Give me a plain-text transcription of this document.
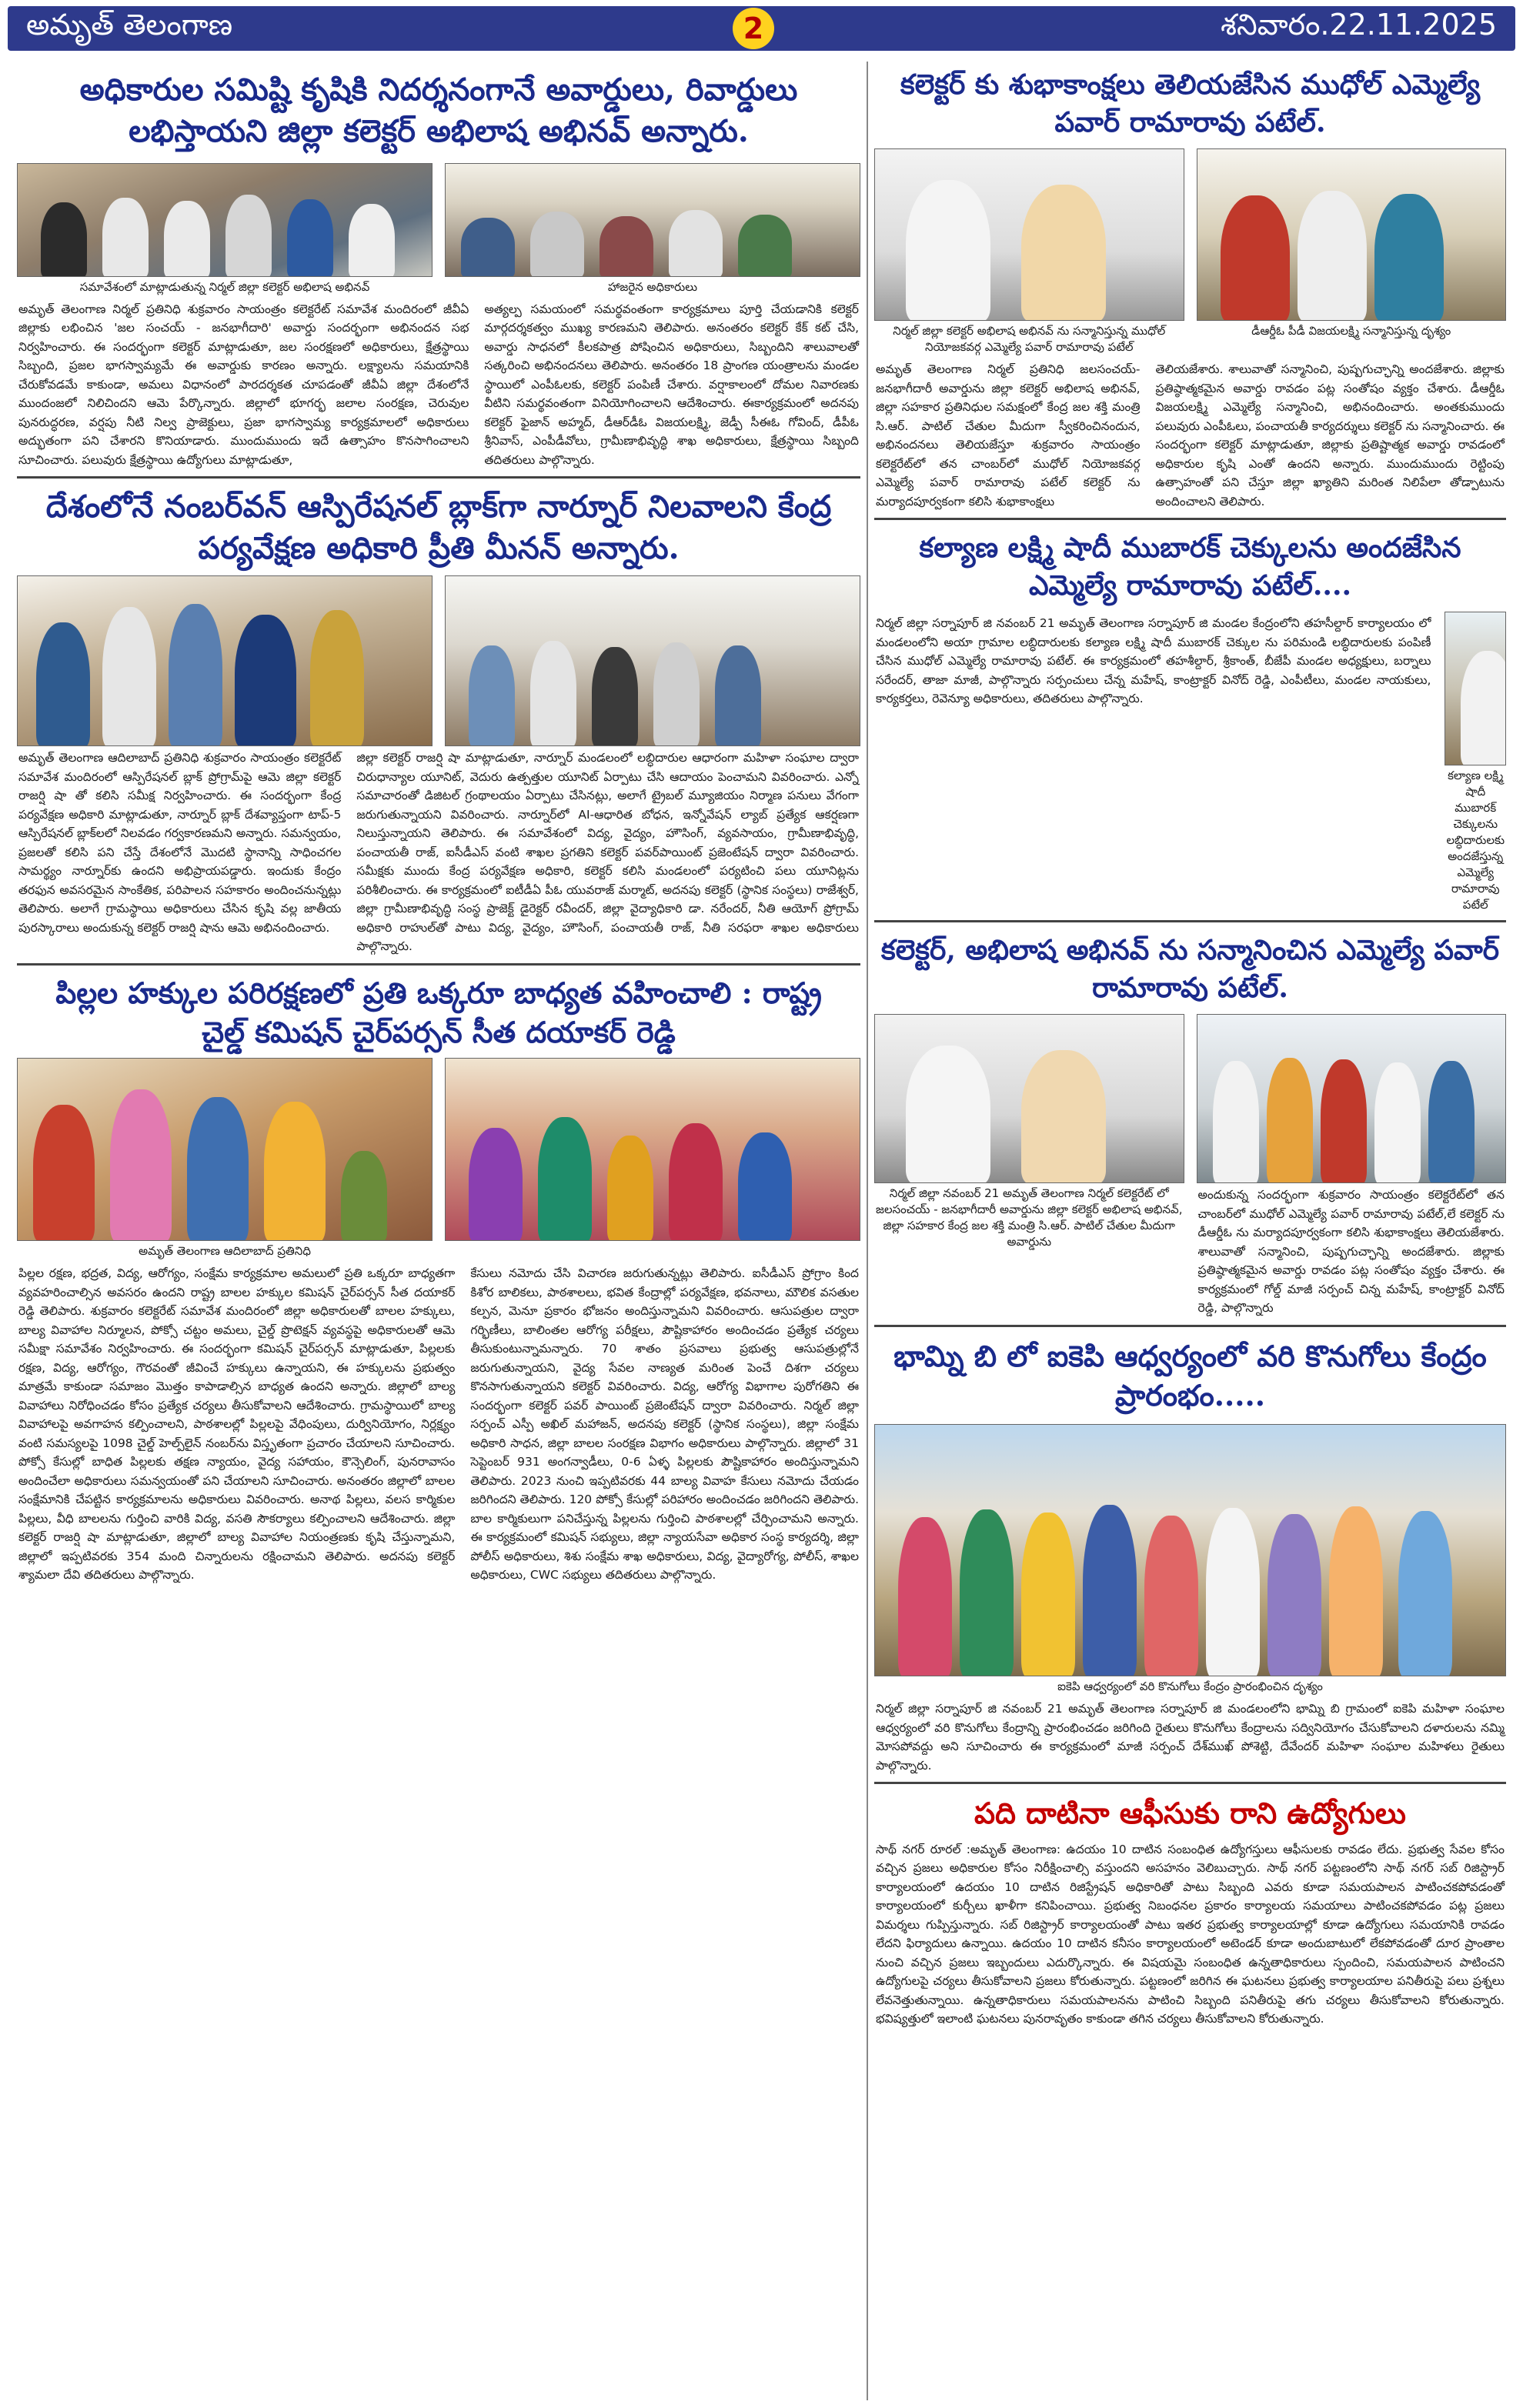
అమృత్ తెలంగాణ	2	శనివారం.22.11.2025
అధికారుల సమిష్టి కృషికి నిదర్శనంగానే అవార్డులు, రివార్డులు లభిస్తాయని జిల్లా కలెక్టర్ అభిలాష అభినవ్ అన్నారు.

సమావేశంలో మాట్లాడుతున్న నిర్మల్ జిల్లా కలెక్టర్ అభిలాష అభినవ్	హాజరైన అధికారులు

అమృత్ తెలంగాణ నిర్మల్ ప్రతినిధి శుక్రవారం సాయంత్రం కలెక్టరేట్ సమావేశ మందిరంలో జీవీఏ జిల్లాకు లభించిన 'జల సంచయ్ - జనభాగీదారి' అవార్డు సందర్భంగా అభినందన సభ నిర్వహించారు. ఈ సందర్భంగా కలెక్టర్ మాట్లాడుతూ, జల సంరక్షణలో అధికారులు, క్షేత్రస్థాయి సిబ్బంది, ప్రజల భాగస్వామ్యమే ఈ అవార్డుకు కారణం అన్నారు. లక్ష్యాలను సమయానికి చేరుకోవడమే కాకుండా, అమలు విధానంలో పారదర్శకత చూపడంతో జీవీఏ జిల్లా దేశంలోనే ముందంజలో నిలిచిందని ఆమె పేర్కొన్నారు. జిల్లాలో భూగర్భ జలాల సంరక్షణ, చెరువుల పునరుద్ధరణ, వర్షపు నీటి నిల్వ ప్రాజెక్టులు, ప్రజా భాగస్వామ్య కార్యక్రమాలలో అధికారులు అద్భుతంగా పని చేశారని కొనియాడారు. ముందుముందు ఇదే ఉత్సాహం కొనసాగించాలని సూచించారు. పలువురు క్షేత్రస్థాయి ఉద్యోగులు మాట్లాడుతూ,

అత్యల్ప సమయంలో సమర్థవంతంగా కార్యక్రమాలు పూర్తి చేయడానికి కలెక్టర్ మార్గదర్శకత్వం ముఖ్య కారణమని తెలిపారు. అనంతరం కలెక్టర్ కేక్ కట్ చేసి, అవార్డు సాధనలో కీలకపాత్ర పోషించిన అధికారులు, సిబ్బందిని శాలువాలతో సత్కరించి అభినందనలు తెలిపారు. అనంతరం 18 ప్రాంగణ యంత్రాలను మండల స్థాయిలో ఎంపీఓలకు, కలెక్టర్ పంపిణీ చేశారు. వర్షాకాలంలో దోమల నివారణకు వీటిని సమర్థవంతంగా వినియోగించాలని ఆదేశించారు. ఈకార్యక్రమంలో అదనపు కలెక్టర్ ఫైజాన్ అహ్మద్, డీఆర్‌డీఓ విజయలక్ష్మి, జెడ్పీ సీఈఓ గోవింద్, డీపీఓ శ్రీనివాస్, ఎంపీడీవోలు, గ్రామీణాభివృద్ధి శాఖ అధికారులు, క్షేత్రస్థాయి సిబ్బంది తదితరులు పాల్గొన్నారు.

దేశంలోనే నంబర్‌వన్ ఆస్పిరేషనల్ బ్లాక్‌గా నార్నూర్ నిలవాలని కేంద్ర పర్యవేక్షణ అధికారి ప్రీతి మీనన్ అన్నారు.

అమృత్ తెలంగాణ ఆదిలాబాద్ ప్రతినిధి శుక్రవారం సాయంత్రం కలెక్టరేట్ సమావేశ మందిరంలో ఆస్పిరేషనల్ బ్లాక్ ప్రోగ్రామ్‌పై ఆమె జిల్లా కలెక్టర్ రాజర్షి షా తో కలిసి సమీక్ష నిర్వహించారు. ఈ సందర్భంగా కేంద్ర పర్యవేక్షణ అధికారి మాట్లాడుతూ, నార్నూర్ బ్లాక్ దేశవ్యాప్తంగా టాప్-5 ఆస్పిరేషనల్ బ్లాక్‌లలో నిలవడం గర్వకారణమని అన్నారు. సమన్వయం, ప్రజలతో కలిసి పని చేస్తే దేశంలోనే మొదటి స్థానాన్ని సాధించగల సామర్థ్యం నార్నూర్‌కు ఉందని అభిప్రాయపడ్డారు. ఇందుకు కేంద్రం తరఫున అవసరమైన సాంకేతిక, పరిపాలన సహకారం అందించనున్నట్లు తెలిపారు. అలాగే గ్రామస్థాయి అధికారులు చేసిన కృషి వల్ల జాతీయ పురస్కారాలు అందుకున్న కలెక్టర్ రాజర్షి షాను ఆమె అభినందించారు.

జిల్లా కలెక్టర్ రాజర్షి షా మాట్లాడుతూ, నార్నూర్ మండలంలో లబ్ధిదారుల ఆధారంగా మహిళా సంఘాల ద్వారా చిరుధాన్యాల యూనిట్, వెదురు ఉత్పత్తుల యూనిట్ ఏర్పాటు చేసి ఆదాయం పెంచామని వివరించారు. ఎన్నో సమాచారంతో డిజిటల్ గ్రంథాలయం ఏర్పాటు చేసినట్లు, అలాగే ట్రైబల్ మ్యూజియం నిర్మాణ పనులు వేగంగా జరుగుతున్నాయని వివరించారు. నార్నూర్‌లో AI-ఆధారిత బోధన, ఇన్నోవేషన్ ల్యాబ్ ప్రత్యేక ఆకర్షణగా నిలుస్తున్నాయని తెలిపారు. ఈ సమావేశంలో విద్య, వైద్యం, హౌసింగ్, వ్యవసాయం, గ్రామీణాభివృద్ధి, పంచాయతీ రాజ్, ఐసీడీఎస్ వంటి శాఖల ప్రగతిని కలెక్టర్ పవర్‌పాయింట్ ప్రజెంటేషన్ ద్వారా వివరించారు. సమీక్షకు ముందు కేంద్ర పర్యవేక్షణ అధికారి, కలెక్టర్ కలిసి మండలంలో పర్యటించి పలు యూనిట్లను పరిశీలించారు. ఈ కార్యక్రమంలో ఐటీడీఏ పీఓ యువరాజ్ మర్మాట్, అదనపు కలెక్టర్ (స్థానిక సంస్థలు) రాజేశ్వర్, జిల్లా గ్రామీణాభివృద్ధి సంస్థ ప్రాజెక్ట్ డైరెక్టర్ రవీందర్, జిల్లా వైద్యాధికారి డా. నరేందర్, నీతి ఆయోగ్ ప్రోగ్రామ్ అధికారి రాహుల్‌తో పాటు విద్య, వైద్యం, హౌసింగ్, పంచాయతీ రాజ్, నీతి సరఫరా శాఖల అధికారులు పాల్గొన్నారు.

పిల్లల హక్కుల పరిరక్షణలో ప్రతి ఒక్కరూ బాధ్యత వహించాలి : రాష్ట్ర చైల్డ్ కమిషన్ చైర్‌పర్సన్ సీత దయాకర్ రెడ్డి

అమృత్ తెలంగాణ ఆదిలాబాద్ ప్రతినిధి

పిల్లల రక్షణ, భద్రత, విద్య, ఆరోగ్యం, సంక్షేమ కార్యక్రమాల అమలులో ప్రతి ఒక్కరూ బాధ్యతగా వ్యవహరించాల్సిన అవసరం ఉందని రాష్ట్ర బాలల హక్కుల కమిషన్ చైర్‌పర్సన్ సీత దయాకర్ రెడ్డి తెలిపారు. శుక్రవారం కలెక్టరేట్ సమావేశ మందిరంలో జిల్లా అధికారులతో బాలల హక్కులు, బాల్య వివాహాల నిర్మూలన, పోక్సో చట్టం అమలు, చైల్డ్ ప్రొటెక్షన్ వ్యవస్థపై అధికారులతో ఆమె సమీక్షా సమావేశం నిర్వహించారు. ఈ సందర్భంగా కమిషన్ చైర్‌పర్సన్ మాట్లాడుతూ, పిల్లలకు రక్షణ, విద్య, ఆరోగ్యం, గౌరవంతో జీవించే హక్కులు ఉన్నాయని, ఈ హక్కులను ప్రభుత్వం మాత్రమే కాకుండా సమాజం మొత్తం కాపాడాల్సిన బాధ్యత ఉందని అన్నారు. జిల్లాలో బాల్య వివాహాలు నిరోధించడం కోసం ప్రత్యేక చర్యలు తీసుకోవాలని ఆదేశించారు. గ్రామస్థాయిలో బాల్య వివాహాలపై అవగాహన కల్పించాలని, పాఠశాలల్లో పిల్లలపై వేధింపులు, దుర్వినియోగం, నిర్లక్ష్యం వంటి సమస్యలపై 1098 చైల్డ్ హెల్ప్‌లైన్ నంబర్‌ను విస్తృతంగా ప్రచారం చేయాలని సూచించారు. పోక్సో కేసుల్లో బాధిత పిల్లలకు తక్షణ న్యాయం, వైద్య సహాయం, కౌన్సెలింగ్, పునరావాసం అందించేలా అధికారులు సమన్వయంతో పని చేయాలని సూచించారు. అనంతరం జిల్లాలో బాలల సంక్షేమానికి చేపట్టిన కార్యక్రమాలను అధికారులు వివరించారు. అనాథ పిల్లలు, వలస కార్మికుల పిల్లలు, వీధి బాలలను గుర్తించి వారికి విద్య, వసతి సౌకర్యాలు కల్పించాలని ఆదేశించారు. జిల్లా కలెక్టర్ రాజర్షి షా మాట్లాడుతూ, జిల్లాలో బాల్య వివాహాల నియంత్రణకు కృషి చేస్తున్నామని, జిల్లాలో ఇప్పటివరకు 354 మంది చిన్నారులను రక్షించామని తెలిపారు. అదనపు కలెక్టర్ శ్యామలా దేవి తదితరులు పాల్గొన్నారు.

కేసులు నమోదు చేసి విచారణ జరుగుతున్నట్లు తెలిపారు. ఐసీడీఎస్ ప్రోగ్రాం కింద కిశోర బాలికలు, పాఠశాలలు, భవిత కేంద్రాల్లో పర్యవేక్షణ, భవనాలు, మౌలిక వసతుల కల్పన, మెనూ ప్రకారం భోజనం అందిస్తున్నామని వివరించారు. ఆసుపత్రుల ద్వారా గర్భిణీలు, బాలింతల ఆరోగ్య పరీక్షలు, పౌష్టికాహారం అందించడం ప్రత్యేక చర్యలు తీసుకుంటున్నామన్నారు. 70 శాతం ప్రసవాలు ప్రభుత్వ ఆసుపత్రుల్లోనే జరుగుతున్నాయని, వైద్య సేవల నాణ్యత మరింత పెంచే దిశగా చర్యలు కొనసాగుతున్నాయని కలెక్టర్ వివరించారు. విద్య, ఆరోగ్య విభాగాల పురోగతిని ఈ సందర్భంగా కలెక్టర్ పవర్ పాయింట్ ప్రజెంటేషన్ ద్వారా వివరించారు. నిర్మల్ జిల్లా సర్పంచ్ ఎస్పీ అఖిల్ మహాజన్, అదనపు కలెక్టర్ (స్థానిక సంస్థలు), జిల్లా సంక్షేమ అధికారి సాధన, జిల్లా బాలల సంరక్షణ విభాగం అధికారులు పాల్గొన్నారు. జిల్లాలో 31 సెప్టెంబర్ 931 అంగన్వాడీలు, 0-6 ఏళ్ళ పిల్లలకు పౌష్టికాహారం అందిస్తున్నామని తెలిపారు. 2023 నుంచి ఇప్పటివరకు 44 బాల్య వివాహ కేసులు నమోదు చేయడం జరిగిందని తెలిపారు. 120 పోక్సో కేసుల్లో పరిహారం అందించడం జరిగిందని తెలిపారు. బాల కార్మికులుగా పనిచేస్తున్న పిల్లలను గుర్తించి పాఠశాలల్లో చేర్పించామని అన్నారు. ఈ కార్యక్రమంలో కమిషన్ సభ్యులు, జిల్లా న్యాయసేవా అధికార సంస్థ కార్యదర్శి, జిల్లా పోలీస్ అధికారులు, శిశు సంక్షేమ శాఖ అధికారులు, విద్య, వైద్యారోగ్య, పోలీస్, శాఖల అధికారులు, CWC సభ్యులు తదితరులు పాల్గొన్నారు.

కలెక్టర్ కు శుభాకాంక్షలు తెలియజేసిన ముధోల్ ఎమ్మెల్యే పవార్ రామారావు పటేల్.

నిర్మల్ జిల్లా కలెక్టర్ అభిలాష అభినవ్ ను సన్మానిస్తున్న ముధోల్ నియోజకవర్గ ఎమ్మెల్యే పవార్ రామారావు పటేల్

డీఆర్డీఓ పీడీ విజయలక్ష్మి సన్మానిస్తున్న దృశ్యం

అమృత్ తెలంగాణ నిర్మల్ ప్రతినిధి జలసంచయ్-జనభాగీదారీ అవార్డును జిల్లా కలెక్టర్ అభిలాష అభినవ్, జిల్లా సహకార ప్రతినిధుల సమక్షంలో కేంద్ర జల శక్తి మంత్రి సి.ఆర్. పాటిల్ చేతుల మీదుగా స్వీకరించినందున, అభినందనలు తెలియజేస్తూ శుక్రవారం సాయంత్రం కలెక్టరేట్‌లో తన చాంబర్‌లో ముధోల్ నియోజకవర్గ ఎమ్మెల్యే పవార్ రామారావు పటేల్ కలెక్టర్ ను మర్యాదపూర్వకంగా కలిసి శుభాకాంక్షలు

తెలియజేశారు. శాలువాతో సన్మానించి, పుష్పగుచ్ఛాన్ని అందజేశారు. జిల్లాకు ప్రతిష్ఠాత్మకమైన అవార్డు రావడం పట్ల సంతోషం వ్యక్తం చేశారు. డీఆర్డీఓ విజయలక్ష్మి ఎమ్మెల్యే సన్మానించి, అభినందించారు. అంతకుముందు పలువురు ఎంపీఓలు, పంచాయతీ కార్యదర్శులు కలెక్టర్ ను సన్మానించారు. ఈ సందర్భంగా కలెక్టర్ మాట్లాడుతూ, జిల్లాకు ప్రతిష్టాత్మక అవార్డు రావడంలో అధికారుల కృషి ఎంతో ఉందని అన్నారు. ముందుముందు రెట్టింపు ఉత్సాహంతో పని చేస్తూ జిల్లా ఖ్యాతిని మరింత నిలిపేలా తోడ్పాటును అందించాలని తెలిపారు.

కల్యాణ లక్ష్మి షాదీ ముబారక్ చెక్కులను అందజేసిన ఎమ్మెల్యే రామారావు పటేల్....

నిర్మల్ జిల్లా సర్నాపూర్ జి నవంబర్ 21 అమృత్ తెలంగాణ సర్నాపూర్ జి మండల కేంద్రంలోని తహసీల్దార్ కార్యాలయం లో మండలంలోని అయా గ్రామాల లబ్ధిదారులకు కల్యాణ లక్ష్మి షాదీ ముబారక్ చెక్కుల ను పరిమండి లబ్ధిదారులకు పంపిణీ చేసిన ముధోల్ ఎమ్మెల్యే రామారావు పటేల్. ఈ కార్యక్రమంలో తహశీల్దార్, శ్రీకాంత్, బీజేపీ మండల అధ్యక్షులు, బర్నాలు సరేందర్, తాజా మాజీ, పాల్గొన్నారు సర్పంచులు చేన్న మహేష్, కాంట్రాక్టర్ వినోద్ రెడ్డి, ఎంపీటీలు, మండల నాయకులు, కార్యకర్తలు, రెవెన్యూ అధికారులు, తదితరులు పాల్గొన్నారు.

కల్యాణ లక్ష్మి షాదీ ముబారక్ చెక్కులను లబ్ధిదారులకు అందజేస్తున్న ఎమ్మెల్యే రామారావు పటేల్

కలెక్టర్, అభిలాష అభినవ్ ను సన్మానించిన ఎమ్మెల్యే పవార్ రామారావు పటేల్.

నిర్మల్ జిల్లా నవంబర్ 21 అమృత్ తెలంగాణ నిర్మల్ కలెక్టరేట్ లో జలసంచయ్ - జనభాగీదారీ అవార్డును జిల్లా కలెక్టర్ అభిలాష అభినవ్, జిల్లా సహకార కేంద్ర జల శక్తి మంత్రి సి.ఆర్. పాటిల్ చేతుల మీదుగా అవార్డును

అందుకున్న సందర్భంగా శుక్రవారం సాయంత్రం కలెక్టరేట్‌లో తన చాంబర్‌లో ముధోల్ ఎమ్మెల్యే పవార్ రామారావు పటేల్,లే కలెక్టర్ ను డీఆర్డీఓ ను మర్యాదపూర్వకంగా కలిసి శుభాకాంక్షలు తెలియజేశారు. శాలువాతో సన్మానించి, పుష్పగుచ్ఛాన్ని అందజేశారు. జిల్లాకు ప్రతిష్ఠాత్మకమైన అవార్డు రావడం పట్ల సంతోషం వ్యక్తం చేశారు. ఈ కార్యక్రమంలో గోల్డ్ మాజీ సర్పంచ్ చిన్న మహేష్, కాంట్రాక్టర్ వినోద్ రెడ్డి, పాల్గొన్నారు

భామ్ని బి లో ఐకెపి ఆధ్వర్యంలో వరి కొనుగోలు కేంద్రం ప్రారంభం.....

ఐకెపి ఆధ్వర్యంలో వరి కొనుగోలు కేంద్రం ప్రారంభించిన దృశ్యం

నిర్మల్ జిల్లా సర్నాపూర్ జి నవంబర్ 21 అమృత్ తెలంగాణ సర్నాపూర్ జి మండలంలోని భామ్ని బి గ్రామంలో ఐకెపి మహిళా సంఘాల ఆధ్వర్యంలో వరి కొనుగోలు కేంద్రాన్ని ప్రారంభించడం జరిగింది రైతులు కొనుగోలు కేంద్రాలను సద్వినియోగం చేసుకోవాలని దళారులను నమ్మి మోసపోవద్దు అని సూచించారు ఈ కార్యక్రమంలో మాజీ సర్పంచ్ దేశ్‌ముఖ్ పోశెట్టి, దేవేందర్ మహిళా సంఘాల మహిళలు రైతులు పాల్గొన్నారు.

పది దాటినా ఆఫీసుకు రాని ఉద్యోగులు

సాథ్ నగర్ రూరల్ :అమృత్ తెలంగాణ: ఉదయం 10 దాటిన సంబంధిత ఉద్యోగస్తులు ఆఫీసులకు రావడం లేదు. ప్రభుత్వ సేవల కోసం వచ్చిన ప్రజలు అధికారుల కోసం నిరీక్షించాల్సి వస్తుందని అసహనం వెలిబుచ్చారు. సాథ్ నగర్ పట్టణంలోని సాథ్ నగర్ సబ్ రిజిస్ట్రార్ కార్యాలయంలో ఉదయం 10 దాటిన రిజిస్ట్రేషన్ అధికారితో పాటు సిబ్బంది ఎవరు కూడా సమయపాలన పాటించకపోవడంతో కార్యాలయంలో కుర్చీలు ఖాళీగా కనిపించాయి. ప్రభుత్వ నిబంధనల ప్రకారం కార్యాలయ సమయాలు పాటించకపోవడం పట్ల ప్రజలు విమర్శలు గుప్పిస్తున్నారు. సబ్ రిజిస్ట్రార్ కార్యాలయంతో పాటు ఇతర ప్రభుత్వ కార్యాలయాల్లో కూడా ఉద్యోగులు సమయానికి రావడం లేదని ఫిర్యాదులు ఉన్నాయి. ఉదయం 10 దాటిన కనీసం కార్యాలయంలో అటెండర్ కూడా అందుబాటులో లేకపోవడంతో దూర ప్రాంతాల నుంచి వచ్చిన ప్రజలు ఇబ్బందులు ఎదుర్కొన్నారు. ఈ విషయమై సంబంధిత ఉన్నతాధికారులు స్పందించి, సమయపాలన పాటించని ఉద్యోగులపై చర్యలు తీసుకోవాలని ప్రజలు కోరుతున్నారు. పట్టణంలో జరిగిన ఈ ఘటనలు ప్రభుత్వ కార్యాలయాల పనితీరుపై పలు ప్రశ్నలు లేవనెత్తుతున్నాయి. ఉన్నతాధికారులు సమయపాలనను పాటించి సిబ్బంది పనితీరుపై తగు చర్యలు తీసుకోవాలని కోరుతున్నారు. భవిష్యత్తులో ఇలాంటి ఘటనలు పునరావృతం కాకుండా తగిన చర్యలు తీసుకోవాలని కోరుతున్నారు.
